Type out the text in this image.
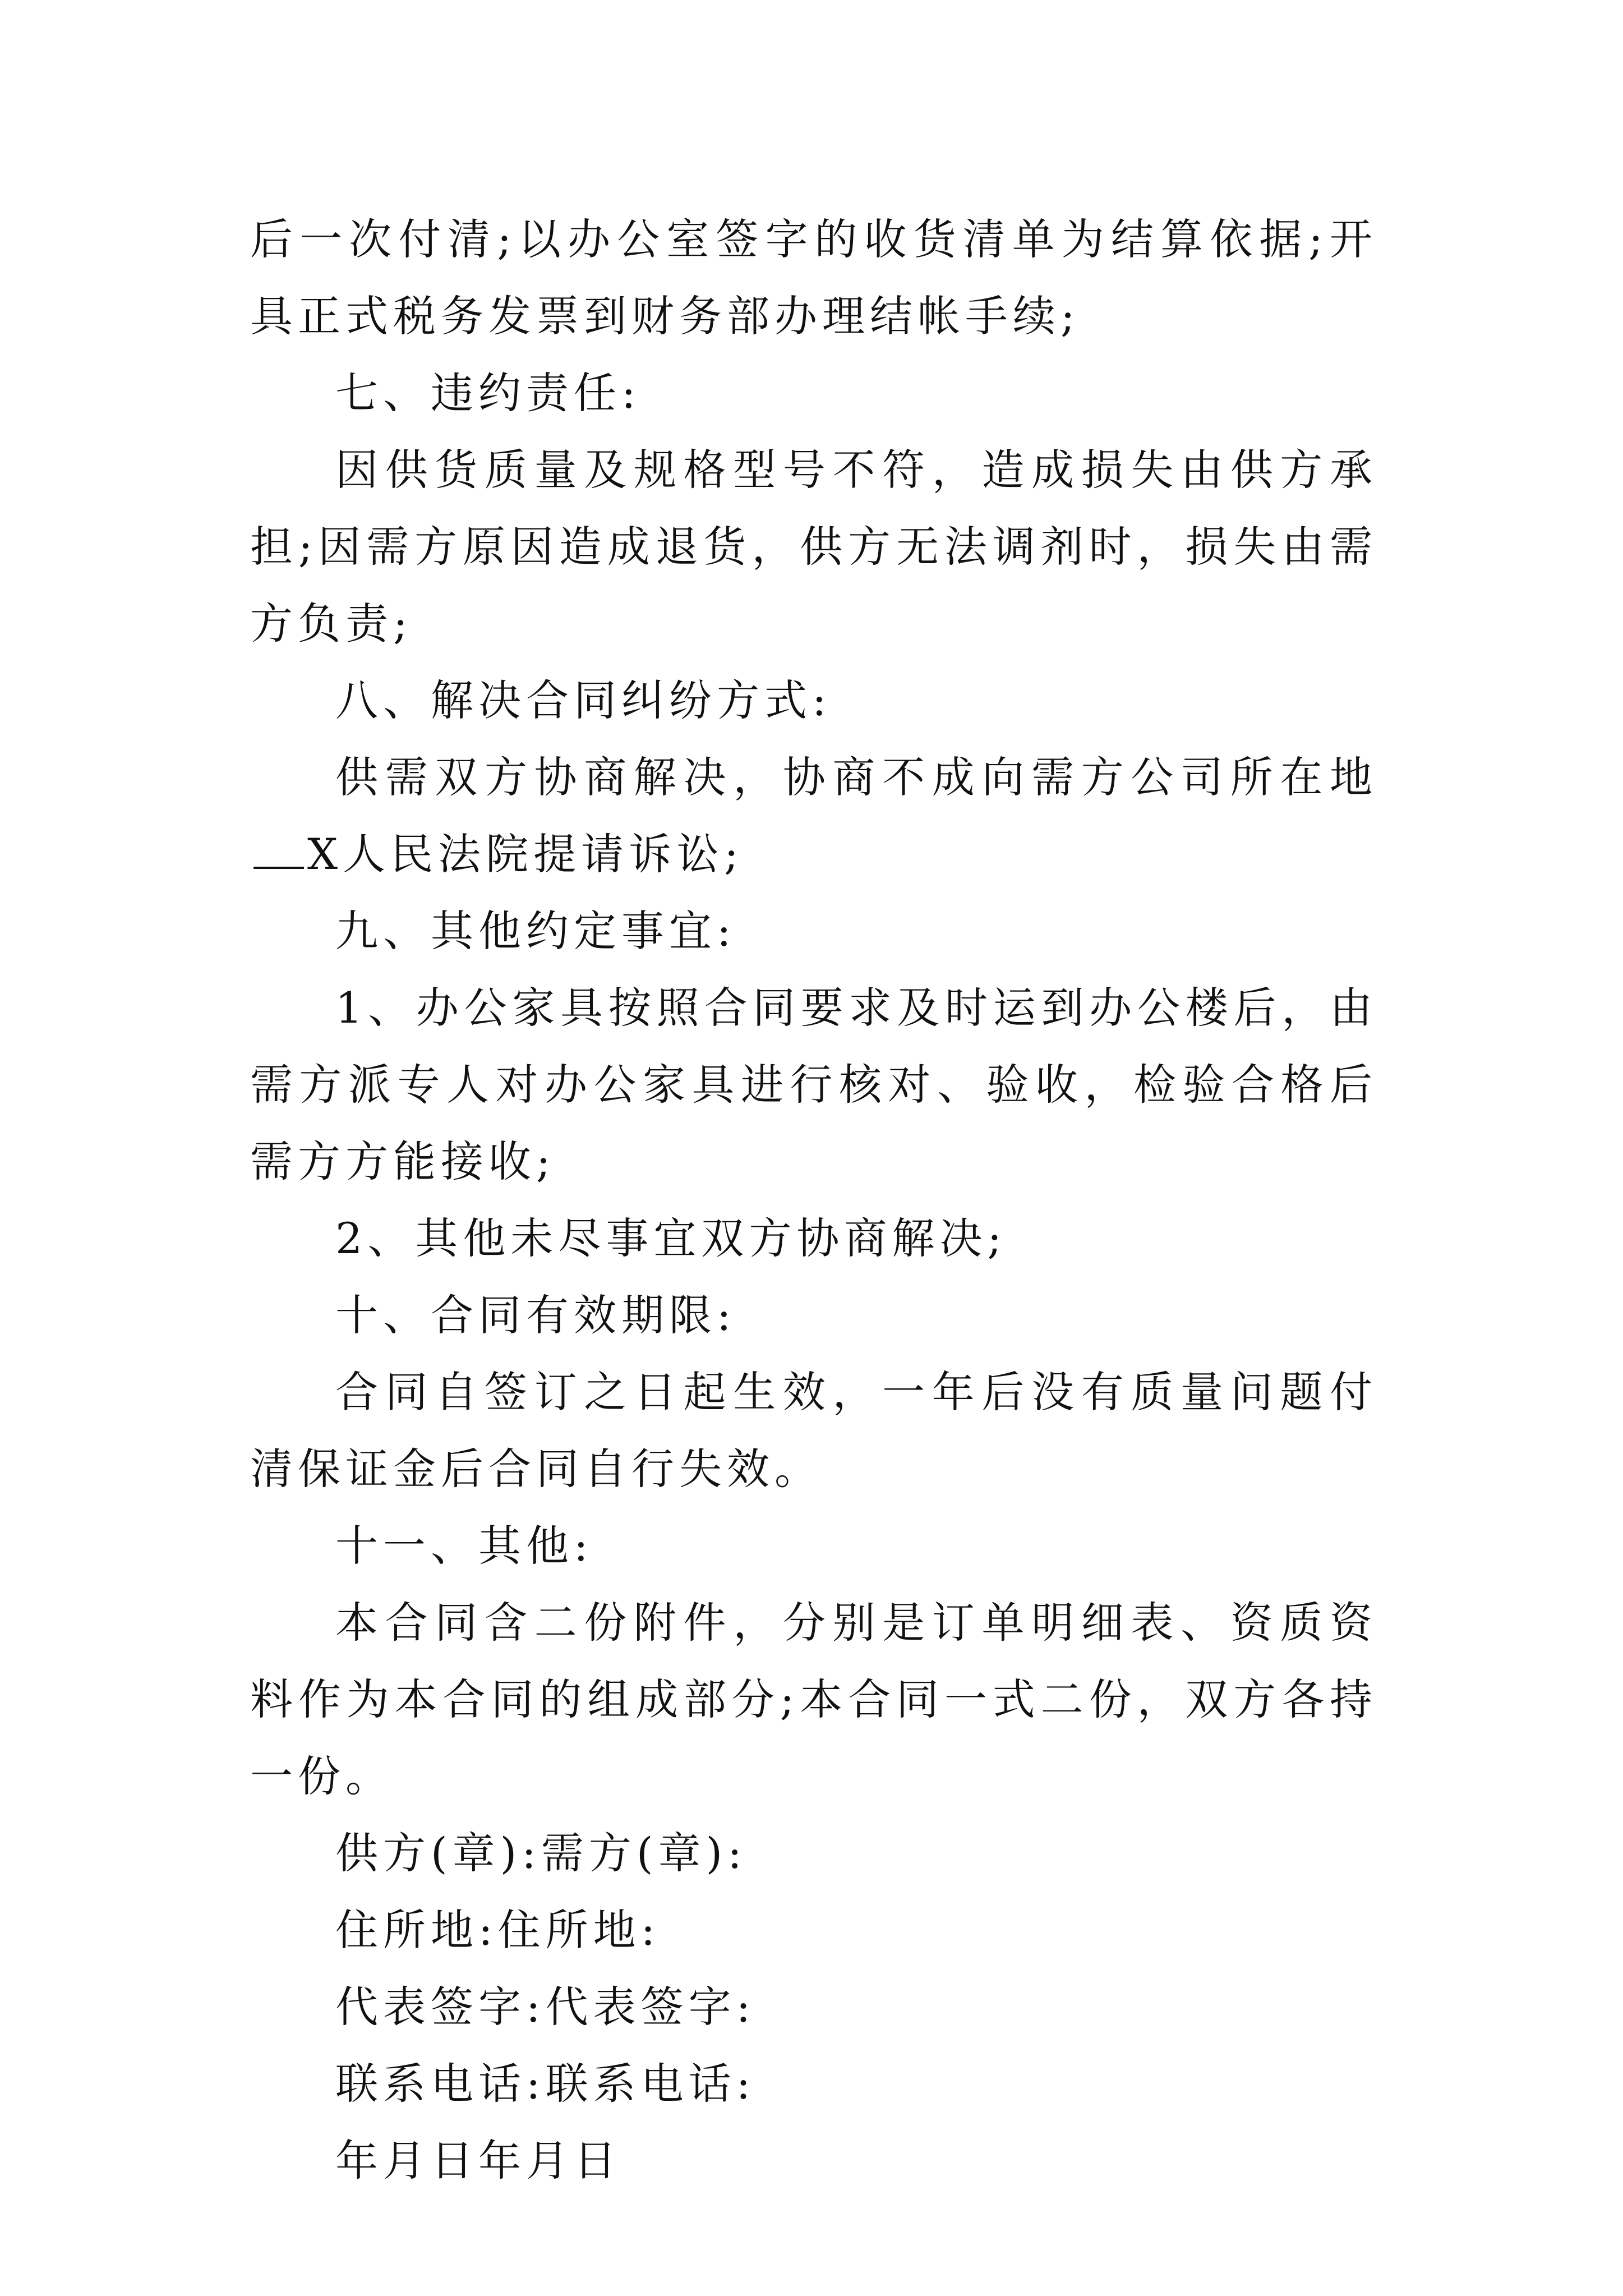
后一次付清;以办公室签字的收货清单为结算依据;开具正式税务发票到财务部办理结帐手续;

七、违约责任:

因供货质量及规格型号不符，造成损失由供方承担;因需方原因造成退货，供方无法调剂时，损失由需方负责;

八、解决合同纠纷方式:

供需双方协商解决，协商不成向需方公司所在地X人民法院提请诉讼;

九、其他约定事宜:

1、办公家具按照合同要求及时运到办公楼后，由需方派专人对办公家具进行核对、验收，检验合格后需方方能接收;

2、其他未尽事宜双方协商解决;

十、合同有效期限:

合同自签订之日起生效，一年后没有质量问题付清保证金后合同自行失效。

十一、其他:

本合同含二份附件，分别是订单明细表、资质资料作为本合同的组成部分;本合同一式二份，双方各持一份。

供方(章):需方(章):

住所地:住所地:

代表签字:代表签字:

联系电话:联系电话:

年月日年月日
